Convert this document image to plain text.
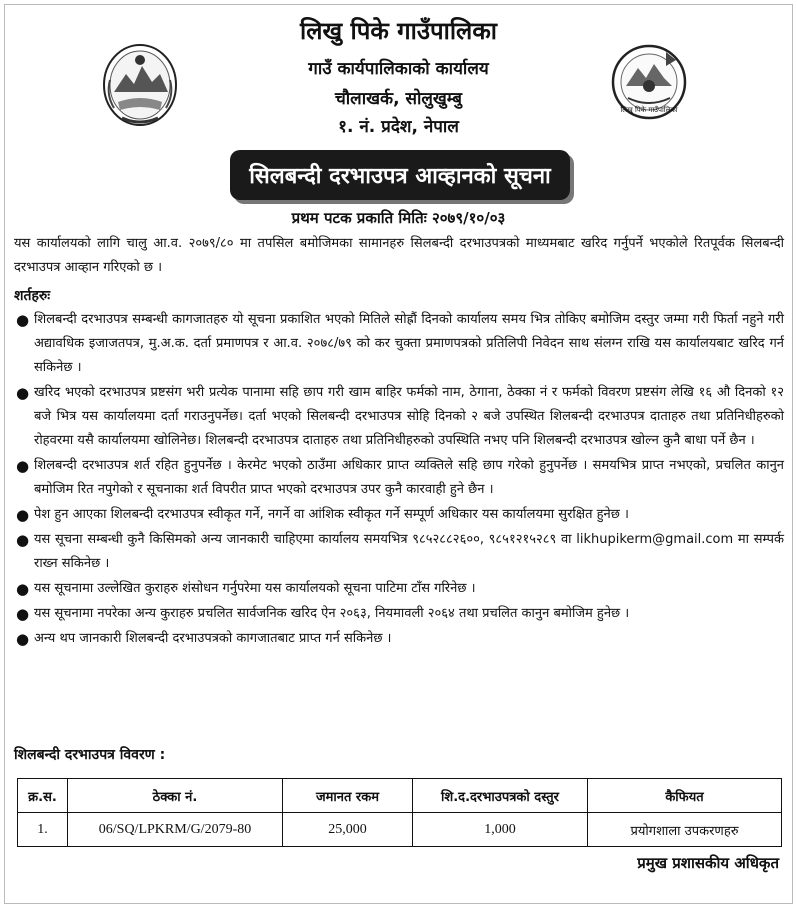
लिखु पिके गाउँपालिका
लिखु पिके गाउँपालिका
गाउँ कार्यपालिकाको कार्यालय
चौलाखर्क, सोलुखुम्बु
१. नं. प्रदेश, नेपाल
सिलबन्दी दरभाउपत्र आव्हानको सूचना
प्रथम पटक प्रकाति मितिः २०७९/१०/०३
यस कार्यालयको लागि चालु आ.व. २०७९/८० मा तपसिल बमोजिमका सामानहरु सिलबन्दी दरभाउपत्रको माध्यमबाट खरिद गर्नुपर्ने भएकोले रितपूर्वक सिलबन्दी दरभाउपत्र आव्हान गरिएको छ ।
शर्तहरुः
● शिलबन्दी दरभाउपत्र सम्बन्धी कागजातहरु यो सूचना प्रकाशित भएको मितिले सोह्रौं दिनको कार्यालय समय भित्र तोकिए बमोजिम दस्तुर जम्मा गरी फिर्ता नहुने गरी अद्यावधिक इजाजतपत्र, मु.अ.क. दर्ता प्रमाणपत्र र आ.व. २०७८/७९ को कर चुक्ता प्रमाणपत्रको प्रतिलिपी निवेदन साथ संलग्न राखि यस कार्यालयबाट खरिद गर्न सकिनेछ ।
● खरिद भएको दरभाउपत्र प्रष्टसंग भरी प्रत्येक पानामा सहि छाप गरी खाम बाहिर फर्मको नाम, ठेगाना, ठेक्का नं र फर्मको विवरण प्रष्टसंग लेखि १६ औ दिनको १२ बजे भित्र यस कार्यालयमा दर्ता गराउनुपर्नेछ। दर्ता भएको सिलबन्दी दरभाउपत्र सोहि दिनको २ बजे उपस्थित शिलबन्दी दरभाउपत्र दाताहरु तथा प्रतिनिधीहरुको रोहवरमा यसै कार्यालयमा खोलिनेछ। शिलबन्दी दरभाउपत्र दाताहरु तथा प्रतिनिधीहरुको उपस्थिति नभए पनि शिलबन्दी दरभाउपत्र खोल्न कुनै बाधा पर्ने छैन ।
● शिलबन्दी दरभाउपत्र शर्त रहित हुनुपर्नेछ । केरमेट भएको ठाउँमा अधिकार प्राप्त व्यक्तिले सहि छाप गरेको हुनुपर्नेछ । समयभित्र प्राप्त नभएको, प्रचलित कानुन बमोजिम रित नपुगेको र सूचनाका शर्त विपरीत प्राप्त भएको दरभाउपत्र उपर कुनै कारवाही हुने छैन ।
● पेश हुन आएका शिलबन्दी दरभाउपत्र स्वीकृत गर्ने, नगर्ने वा आंशिक स्वीकृत गर्ने सम्पूर्ण अधिकार यस कार्यालयमा सुरक्षित हुनेछ ।
● यस सूचना सम्बन्धी कुनै किसिमको अन्य जानकारी चाहिएमा कार्यालय समयभित्र ९८५२८८२६००, ९८५१२१५२८९ वा likhupikerm@gmail.com मा सम्पर्क राख्न सकिनेछ ।
● यस सूचनामा उल्लेखित कुराहरु शंसोधन गर्नुपरेमा यस कार्यालयको सूचना पाटिमा टाँस गरिनेछ ।
● यस सूचनामा नपरेका अन्य कुराहरु प्रचलित सार्वजनिक खरिद ऐन २०६३, नियमावली २०६४ तथा प्रचलित कानुन बमोजिम हुनेछ ।
● अन्य थप जानकारी शिलबन्दी दरभाउपत्रको कागजातबाट प्राप्त गर्न सकिनेछ ।
शिलबन्दी दरभाउपत्र विवरण :
क्र.स.	ठेक्का नं.	जमानत रकम	शि.द.दरभाउपत्रको दस्तुर	कैफियत
1.	06/SQ/LPKRM/G/2079-80	25,000	1,000	प्रयोगशाला उपकरणहरु
प्रमुख प्रशासकीय अधिकृत
